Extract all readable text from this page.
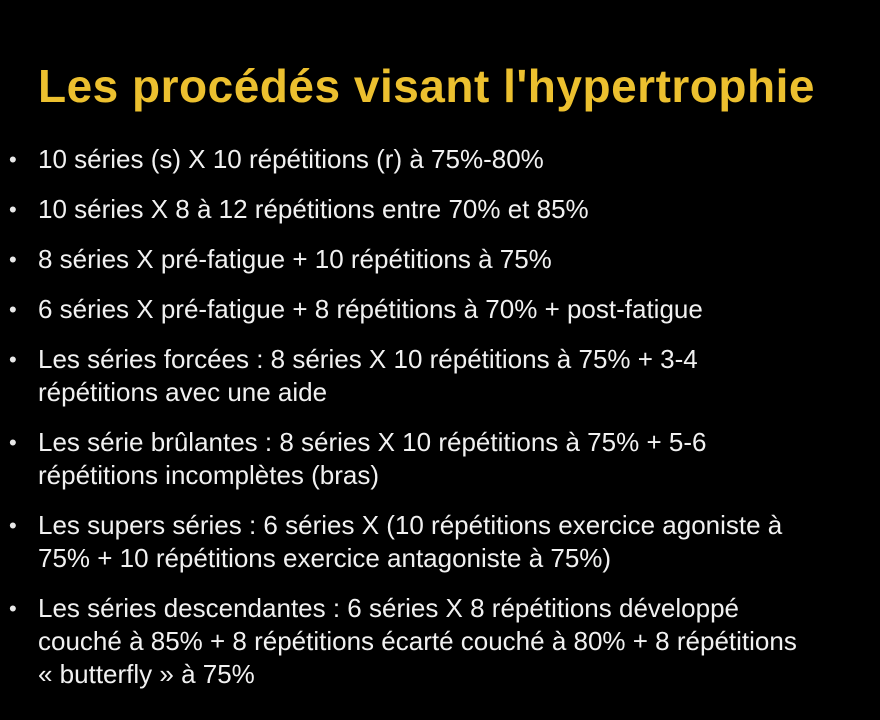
Les procédés visant l'hypertrophie
• 10 séries (s) X 10 répétitions (r) à 75%-80%
• 10 séries X 8 à 12 répétitions entre 70% et 85%
• 8 séries X pré-fatigue + 10 répétitions à 75%
• 6 séries X pré-fatigue + 8 répétitions à 70% + post-fatigue
• Les séries forcées : 8 séries X 10 répétitions à 75% + 3-4
répétitions avec une aide
• Les série brûlantes : 8 séries X 10 répétitions à 75% + 5-6
répétitions incomplètes (bras)
• Les supers séries : 6 séries X (10 répétitions exercice agoniste à
75% + 10 répétitions exercice antagoniste à 75%)
• Les séries descendantes : 6 séries X 8 répétitions développé
couché à 85% + 8 répétitions écarté couché à 80% + 8 répétitions
« butterfly » à 75%
